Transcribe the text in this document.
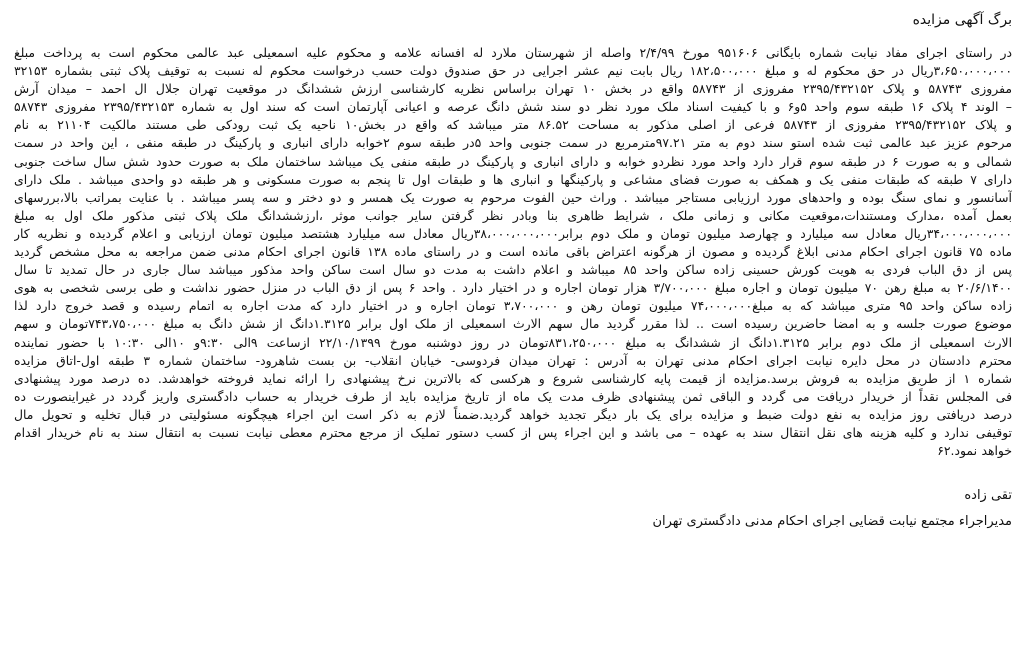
برگ آگهی مزایده
در راستای اجرای مفاد نیابت شماره بایگانی ۹۵۱۶۰۶ مورخ ۲/۴/۹۹ واصله از شهرستان ملارد له افسانه علامه و محکوم علیه اسمعیلی عبد عالمی محکوم است به پرداخت مبلغ
۳،۶۵۰،۰۰۰،۰۰۰ریال در حق محکوم له و مبلغ ۱۸۲،۵۰۰،۰۰۰ ریال بابت نیم عشر اجرایی در حق صندوق دولت حسب درخواست محکوم له نسبت به توقیف پلاک ثبتی بشماره ۳۲۱۵۳
مفروزی ۵۸۷۴۳ و پلاک ۲۳۹۵/۴۳۲۱۵۲ مفروزی از ۵۸۷۴۳ واقع در بخش ۱۰ تهران براساس نظریه کارشناسی ارزش ششدانگ در موقعیت تهران جلال ال احمد – میدان آرش
– الوند ۴ پلاک ۱۶ طبقه سوم واحد ۵و۶ و با کیفیت اسناد ملک مورد نظر دو سند شش دانگ عرصه و اعیانی آپارتمان است که سند اول به شماره ۲۳۹۵/۴۳۲۱۵۳ مفروزی ۵۸۷۴۳
و پلاک ۲۳۹۵/۴۳۲۱۵۲ مفروزی از ۵۸۷۴۳ فرعی از اصلی مذکور به مساحت ۸۶.۵۲ متر میباشد که واقع در بخش۱۰ ناحیه یک ثبت رودکی طی مستند مالکیت ۲۱۱۰۴ به نام
مرحوم عزیز عبد عالمی ثبت شده استو سند دوم به متر ۹۷.۲۱مترمربع در سمت جنوبی واحد ۵در طبقه سوم ۲خوابه دارای انباری و پارکینگ در طبقه منفی ، این واحد در سمت
شمالی و به صورت ۶ در طبقه سوم قرار دارد واحد مورد نظردو خوابه و دارای انباری و پارکینگ در طبقه منفی یک میباشد ساختمان ملک به صورت حدود شش سال ساخت جنوبی
دارای ۷ طبقه که طبقات منفی یک و همکف به صورت فضای مشاعی و پارکینگها و انباری ها و طبقات اول تا پنجم به صورت مسکونی و هر طبقه دو واحدی میباشد . ملک دارای
آسانسور و نمای سنگ بوده و واحدهای مورد ارزیابی مستاجر میباشد . وراث حین الفوت مرحوم به صورت یک همسر و دو دختر و سه پسر میباشد . با عنایت بمراتب بالا،بررسهای
بعمل آمده ،مدارک ومستندات،موقعیت مکانی و زمانی ملک ، شرایط ظاهری بنا وبادر نظر گرفتن سایر جوانب موثر ،ارزششدانگ ملک پلاک ثبتی مذکور ملک اول به مبلغ
۳۴،۰۰۰،۰۰۰،۰۰۰ریال معادل سه میلیارد و چهارصد میلیون تومان و ملک دوم برابر۳۸،۰۰۰،۰۰۰،۰۰۰ریال معادل سه میلیارد هشتصد میلیون تومان ارزیابی و اعلام گردیده و نظریه کار
ماده ۷۵ قانون اجرای احکام مدنی ابلاغ گردیده و مصون از هرگونه اعتراض باقی مانده است و در راستای ماده ۱۳۸ قانون اجرای احکام مدنی ضمن مراجعه به محل مشخص گردید
پس از دق الباب فردی به هویت کورش حسینی زاده ساکن واحد ۸۵ میباشد و اعلام داشت به مدت دو سال است ساکن واحد مذکور میباشد سال جاری در حال تمدید تا سال
۲۰/۶/۱۴۰۰ به مبلغ رهن ۷۰ میلیون تومان و اجاره مبلغ ۳/۷۰۰،۰۰۰ هزار تومان اجاره و در اختیار دارد . واحد ۶ پس از دق الباب در منزل حضور نداشت و طی برسی شخصی به هوی
زاده ساکن واحد ۹۵ متری میباشد که به مبلغ۷۴،۰۰۰،۰۰۰ میلیون تومان رهن و ۳،۷۰۰،۰۰۰ تومان اجاره و در اختیار دارد که مدت اجاره به اتمام رسیده و قصد خروج دارد لذا
موضوع صورت جلسه و به امضا حاضرین رسیده است .. لذا مقرر گردید مال سهم الارث اسمعیلی از ملک اول برابر ۱.۳۱۲۵دانگ از شش دانگ به مبلغ ۷۴۳،۷۵۰،۰۰۰تومان و سهم
الارث اسمعیلی از ملک دوم برابر ۱.۳۱۲۵دانگ از ششدانگ به مبلغ ۸۳۱،۲۵۰،۰۰۰تومان در روز دوشنبه مورخ ۲۲/۱۰/۱۳۹۹ ازساعت ۹الی ۹:۳۰و ۱۰الی ۱۰:۳۰ با حضور نماینده
محترم دادستان در محل دایره نیابت اجرای احکام مدنی تهران به آدرس : تهران میدان فردوسی- خیابان انقلاب- بن بست شاهرود- ساختمان شماره ۳ طبقه اول-اتاق مزایده
شماره ۱ از طریق مزایده به فروش برسد.مزایده از قیمت پایه کارشناسی شروع و هرکسی که بالاترین نرخ پیشنهادی را ارائه نماید فروخته خواهدشد. ده درصد مورد پیشنهادی
فی المجلس نقداً از خریدار دریافت می گردد و الباقی ثمن پیشنهادی ظرف مدت یک ماه از تاریخ مزایده باید از طرف خریدار به حساب دادگستری واریز گردد در غیراینصورت ده
درصد دریافتی روز مزایده به نفع دولت ضبط و مزایده برای یک بار دیگر تجدید خواهد گردید.ضمناً لازم به ذکر است این اجراء هیچگونه مسئولیتی در قبال تخلیه و تحویل مال
توقیفی ندارد و کلیه هزینه های نقل انتقال سند به عهده – می باشد و این اجراء پس از کسب دستور تملیک از مرجع محترم معطی نیابت نسبت به انتقال سند به نام خریدار اقدام
خواهد نمود.۶۲
تقی زاده
مدیراجراء مجتمع نیابت قضایی اجرای احکام مدنی دادگستری تهران
